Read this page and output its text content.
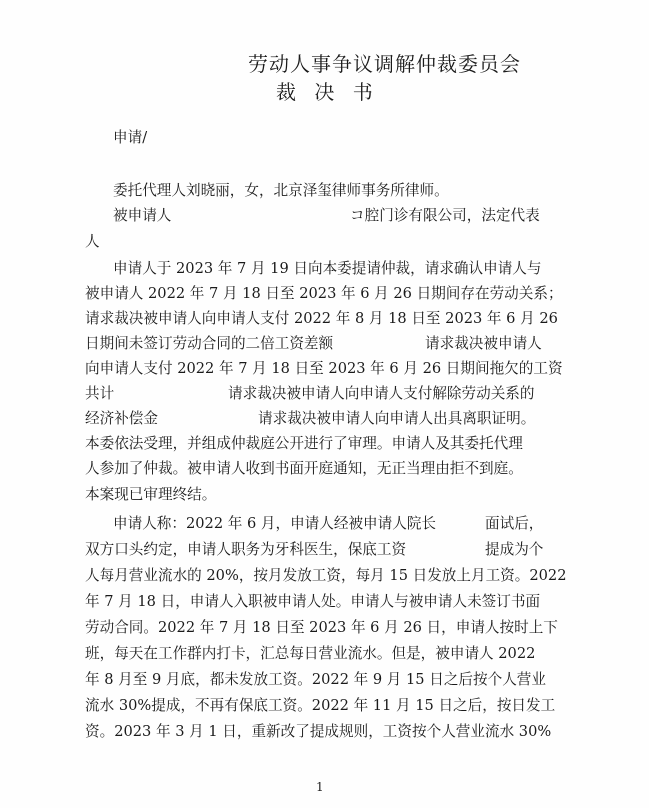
劳动人事争议调解仲裁委员会
裁 决 书
申请/
委托代理人刘晓丽，女，北京泽玺律师事务所律师。
被申请人	コ腔门诊有限公司，法定代表
人
申请人于 2023 年 7 月 19 日向本委提请仲裁，请求确认申请人与
被申请人 2022 年 7 月 18 日至 2023 年 6 月 26 日期间存在劳动关系；
请求裁决被申请人向申请人支付 2022 年 8 月 18 日至 2023 年 6 月 26
日期间未签订劳动合同的二倍工资差额	请求裁决被申请人
向申请人支付 2022 年 7 月 18 日至 2023 年 6 月 26 日期间拖欠的工资
共计	请求裁决被申请人向申请人支付解除劳动关系的
经济补偿金	请求裁决被申请人向申请人出具离职证明。
本委依法受理，并组成仲裁庭公开进行了审理。申请人及其委托代理
人参加了仲裁。被申请人收到书面开庭通知，无正当理由拒不到庭。
本案现已审理终结。
申请人称：2022 年 6 月，申请人经被申请人院长	面试后，
双方口头约定，申请人职务为牙科医生，保底工资	提成为个
人每月营业流水的 20%，按月发放工资，每月 15 日发放上月工资。2022
年 7 月 18 日，申请人入职被申请人处。申请人与被申请人未签订书面
劳动合同。2022 年 7 月 18 日至 2023 年 6 月 26 日，申请人按时上下
班，每天在工作群内打卡，汇总每日营业流水。但是，被申请人 2022
年 8 月至 9 月底，都未发放工资。2022 年 9 月 15 日之后按个人营业
流水 30%提成，不再有保底工资。2022 年 11 月 15 日之后，按日发工
资。2023 年 3 月 1 日，重新改了提成规则，工资按个人营业流水 30%
1
